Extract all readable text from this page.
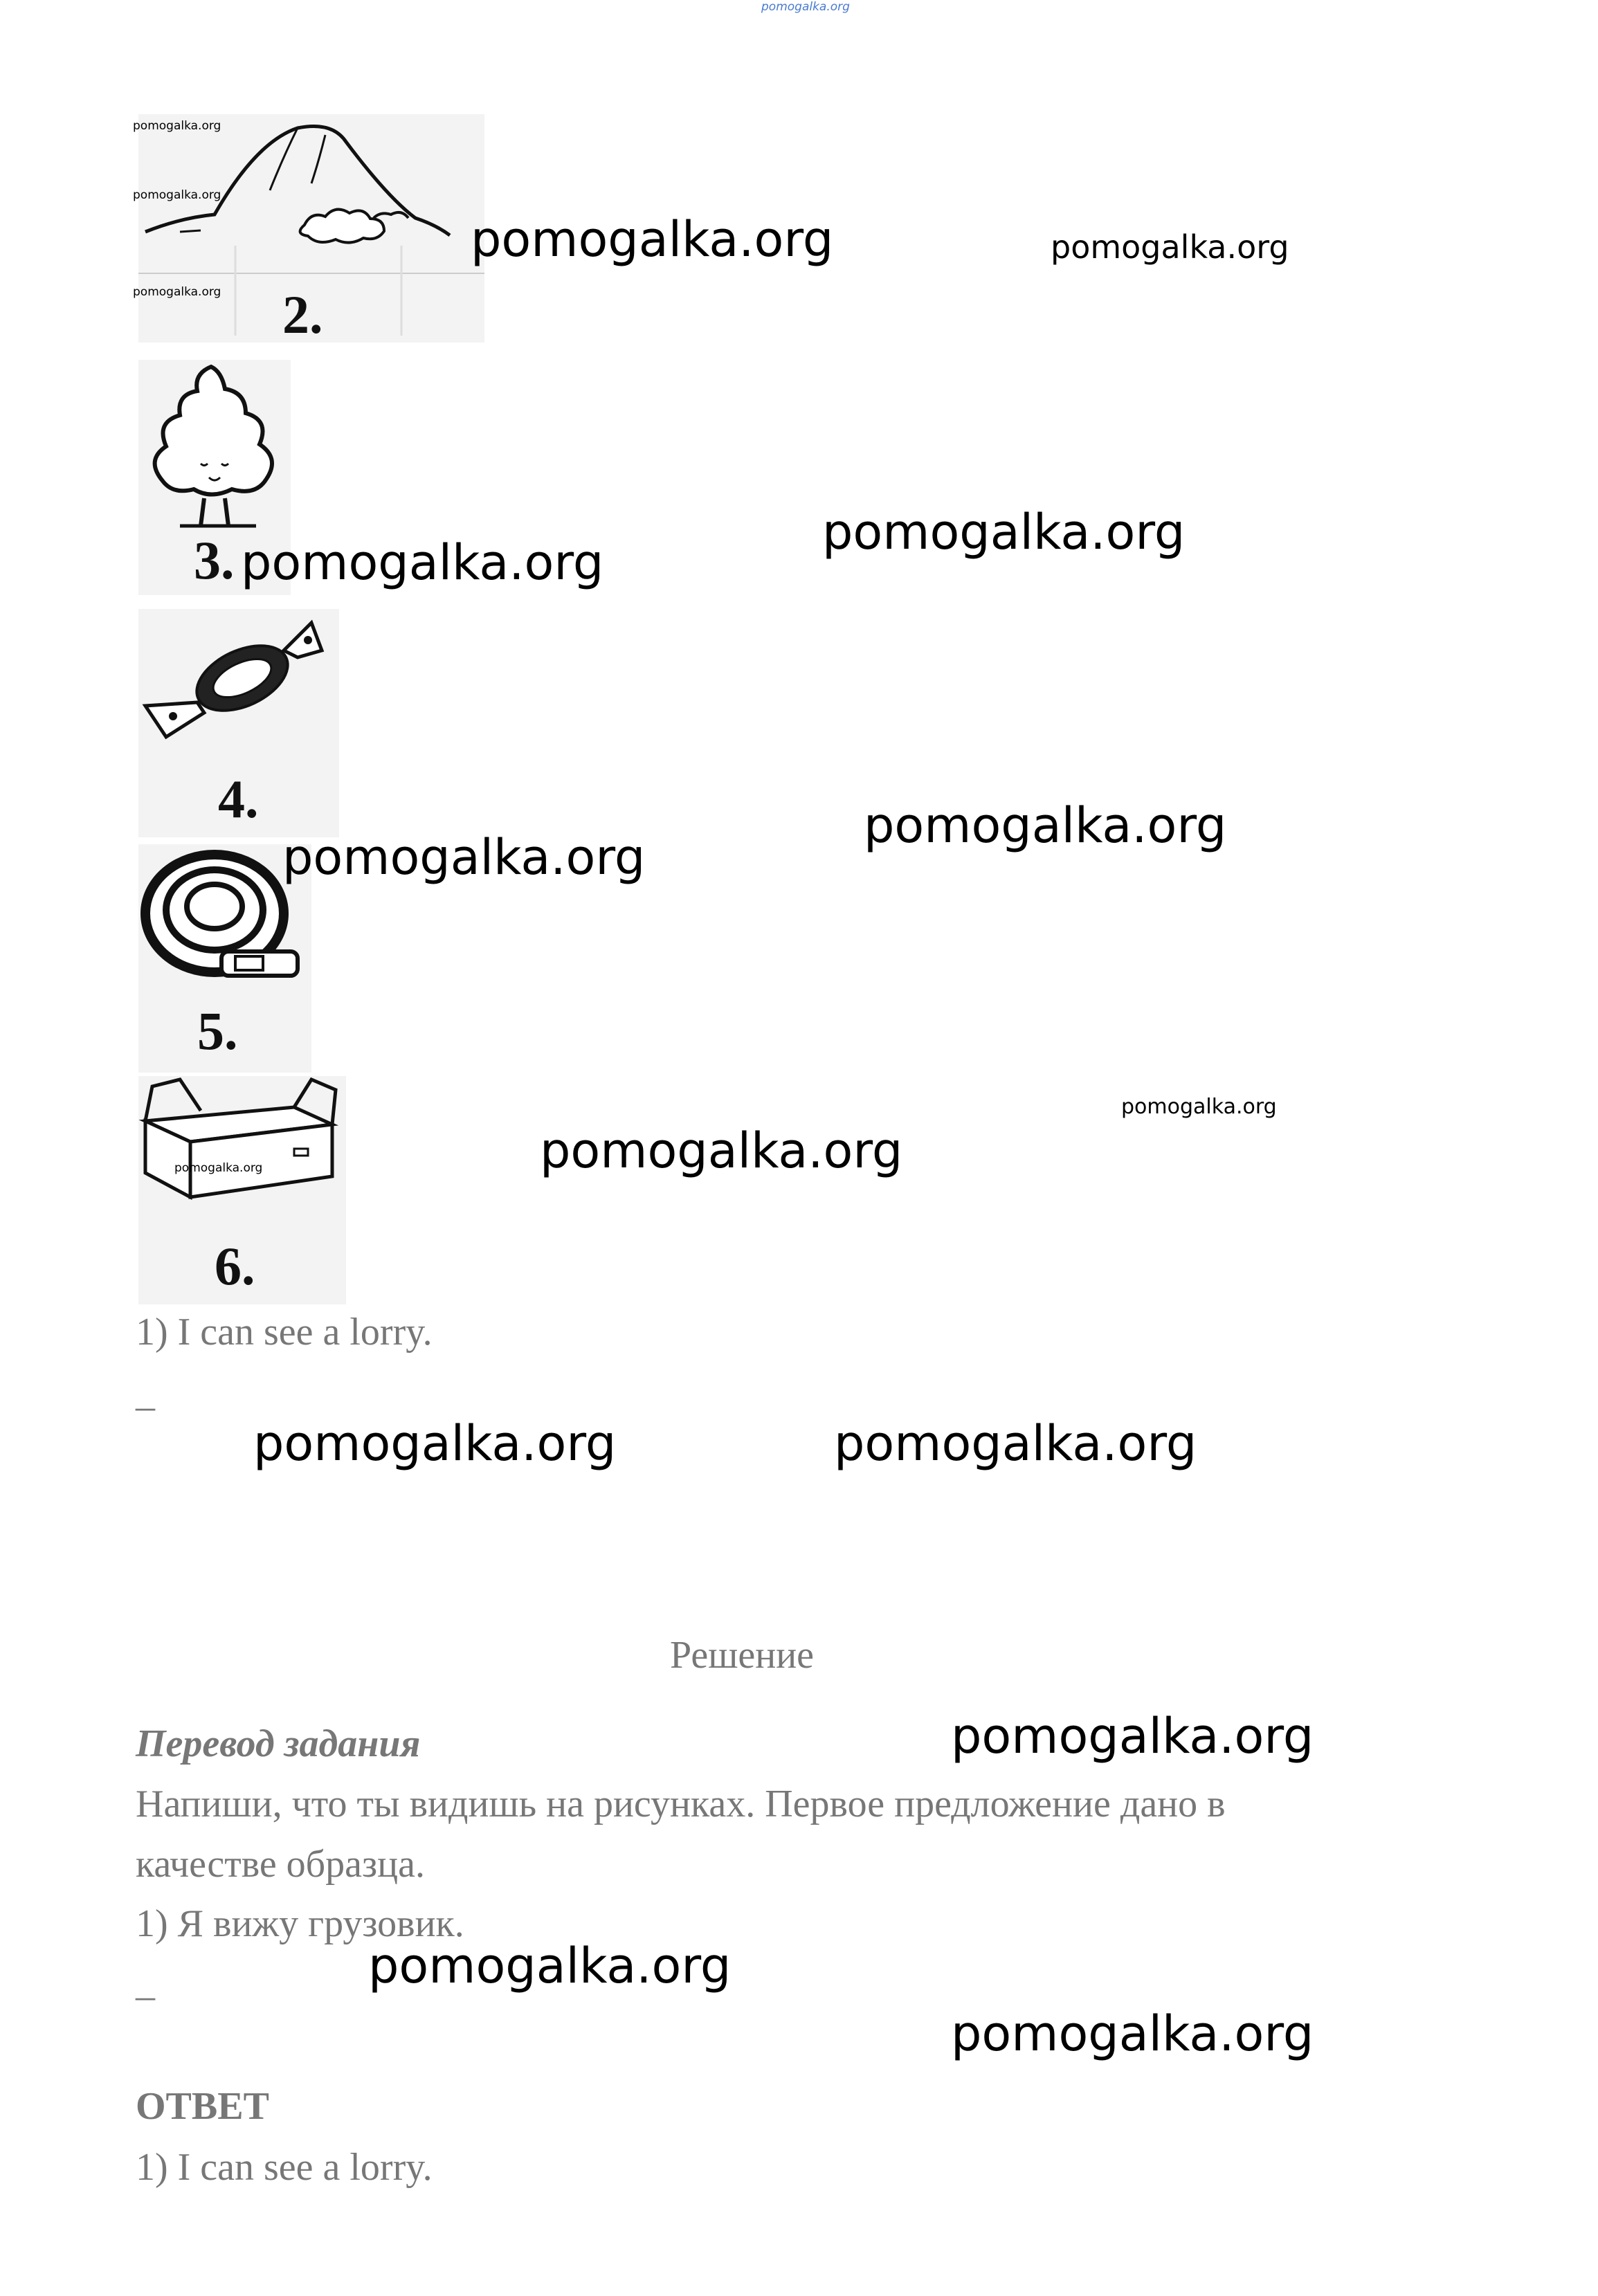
pomogalka.org
2.
3.
4.
5.
6.
pomogalka.org
pomogalka.org
pomogalka.org
pomogalka.org	pomogalka.org
pomogalka.org
pomogalka.org
pomogalka.org
pomogalka.org
pomogalka.org
pomogalka.org
pomogalka.org
pomogalka.org	pomogalka.org
pomogalka.org
pomogalka.org
pomogalka.org
1) I can see a lorry.
–
Решение
Перевод задания
Напиши, что ты видишь на рисунках. Первое предложение дано в
качестве образца.
1) Я вижу грузовик.
–
ОТВЕТ
1) I can see a lorry.
